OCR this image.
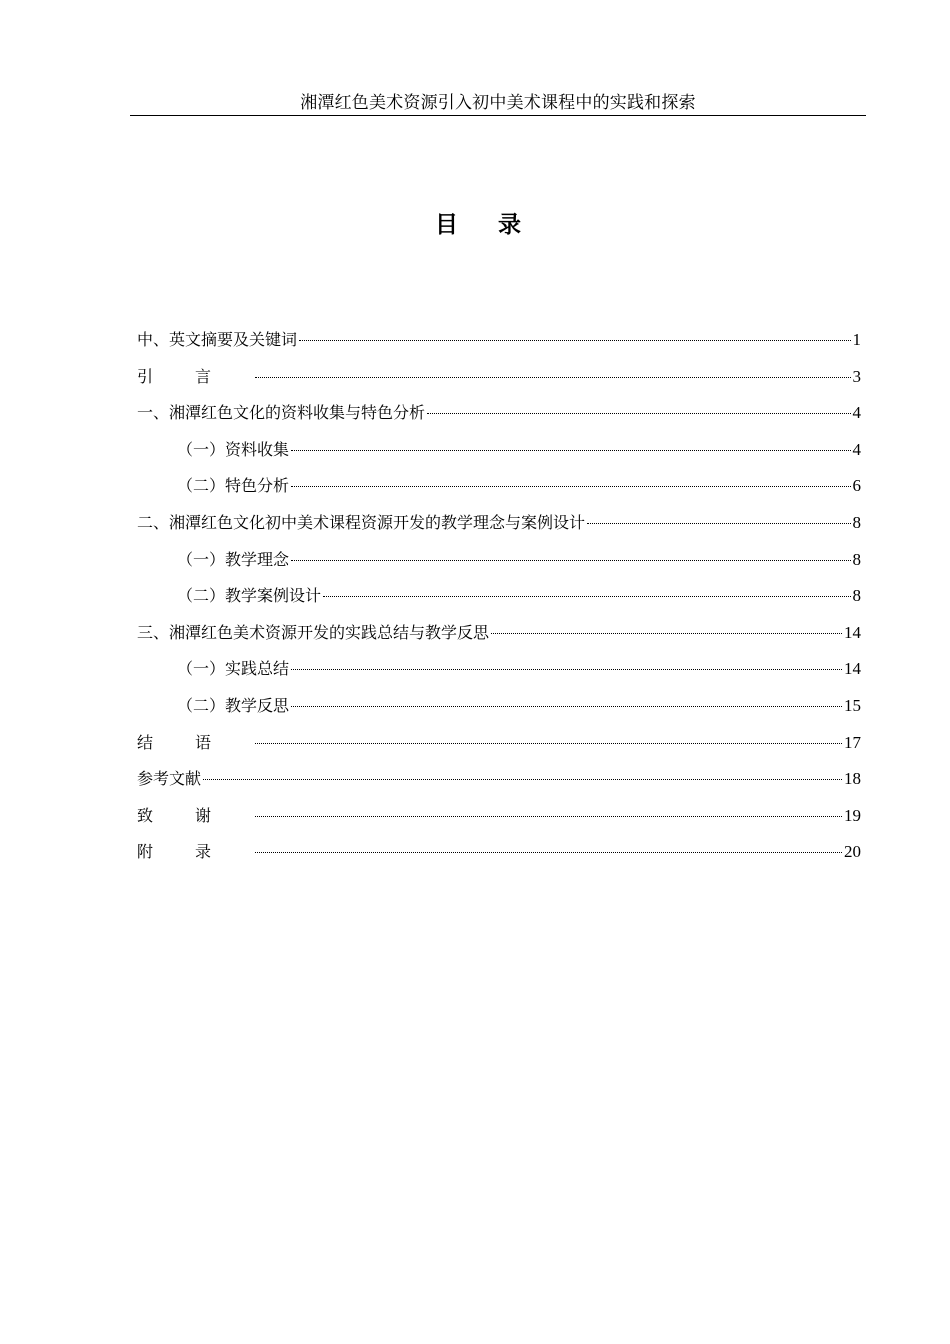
湘潭红色美术资源引入初中美术课程中的实践和探索
目录
中、英文摘要及关键词	1
引言	3
一、湘潭红色文化的资料收集与特色分析	4
（一）资料收集	4
（二）特色分析	6
二、湘潭红色文化初中美术课程资源开发的教学理念与案例设计	8
（一）教学理念	8
（二）教学案例设计	8
三、湘潭红色美术资源开发的实践总结与教学反思	14
（一）实践总结	14
（二）教学反思	15
结语	17
参考文献	18
致谢	19
附录	20
